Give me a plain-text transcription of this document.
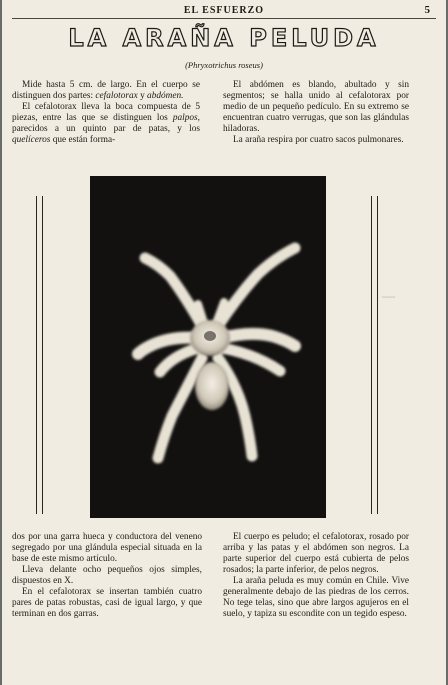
EL ESFUERZO	5
LA ARAÑA PELUDA
(Phryxotrichus roseus)

Mide hasta 5 cm. de largo. En el cuerpo se distinguen dos partes: cefalotorax y abdómen.

El cefalotorax lleva la boca compuesta de 5 piezas, entre las que se distinguen los palpos, parecidos a un quinto par de patas, y los quelíceros que están forma-

El abdómen es blando, abultado y sin segmentos; se halla unido al cefalotorax por medio de un pequeño pedículo. En su extremo se encuentran cuatro verrugas, que son las glándulas hiladoras.

La araña respira por cuatro sacos pulmonares.

—

dos por una garra hueca y conductora del veneno segregado por una glándula especial situada en la base de este mismo artículo.

Lleva delante ocho pequeños ojos simples, dispuestos en X.

En el cefalotorax se insertan también cuatro pares de patas robustas, casi de igual largo, y que terminan en dos garras.

El cuerpo es peludo; el cefalotorax, rosado por arriba y las patas y el abdómen son negros. La parte superior del cuerpo está cubierta de pelos rosados; la parte inferior, de pelos negros.

La araña peluda es muy común en Chile. Vive generalmente debajo de las piedras de los cerros. No tege telas, sino que abre largos agujeros en el suelo, y tapiza su escondite con un tegido espeso.
